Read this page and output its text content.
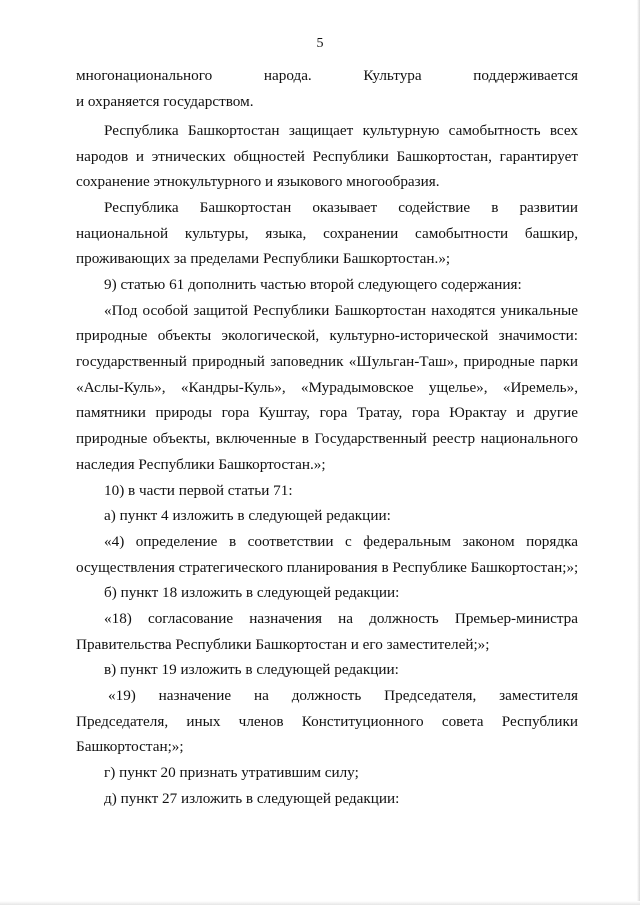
5
многонационального народа. Культура поддерживается
и охраняется государством.
Республика Башкортостан защищает культурную самобытность всех
народов и этнических общностей Республики Башкортостан, гарантирует
сохранение этнокультурного и языкового многообразия.
Республика Башкортостан оказывает содействие в развитии
национальной культуры, языка, сохранении самобытности башкир,
проживающих за пределами Республики Башкортостан.»;
9) статью 61 дополнить частью второй следующего содержания:
«Под особой защитой Республики Башкортостан находятся уникальные
природные объекты экологической, культурно-исторической значимости:
государственный природный заповедник «Шульган-Таш», природные парки
«Аслы-Куль», «Кандры-Куль», «Мурадымовское ущелье», «Иремель»,
памятники природы гора Куштау, гора Тратау, гора Юрактау и другие
природные объекты, включенные в Государственный реестр национального
наследия Республики Башкортостан.»;
10) в части первой статьи 71:
а) пункт 4 изложить в следующей редакции:
«4) определение в соответствии с федеральным законом порядка
осуществления стратегического планирования в Республике Башкортостан;»;
б) пункт 18 изложить в следующей редакции:
«18) согласование назначения на должность Премьер-министра
Правительства Республики Башкортостан и его заместителей;»;
в) пункт 19 изложить в следующей редакции:
«19) назначение на должность Председателя, заместителя
Председателя, иных членов Конституционного совета Республики
Башкортостан;»;
г) пункт 20 признать утратившим силу;
д) пункт 27 изложить в следующей редакции:
